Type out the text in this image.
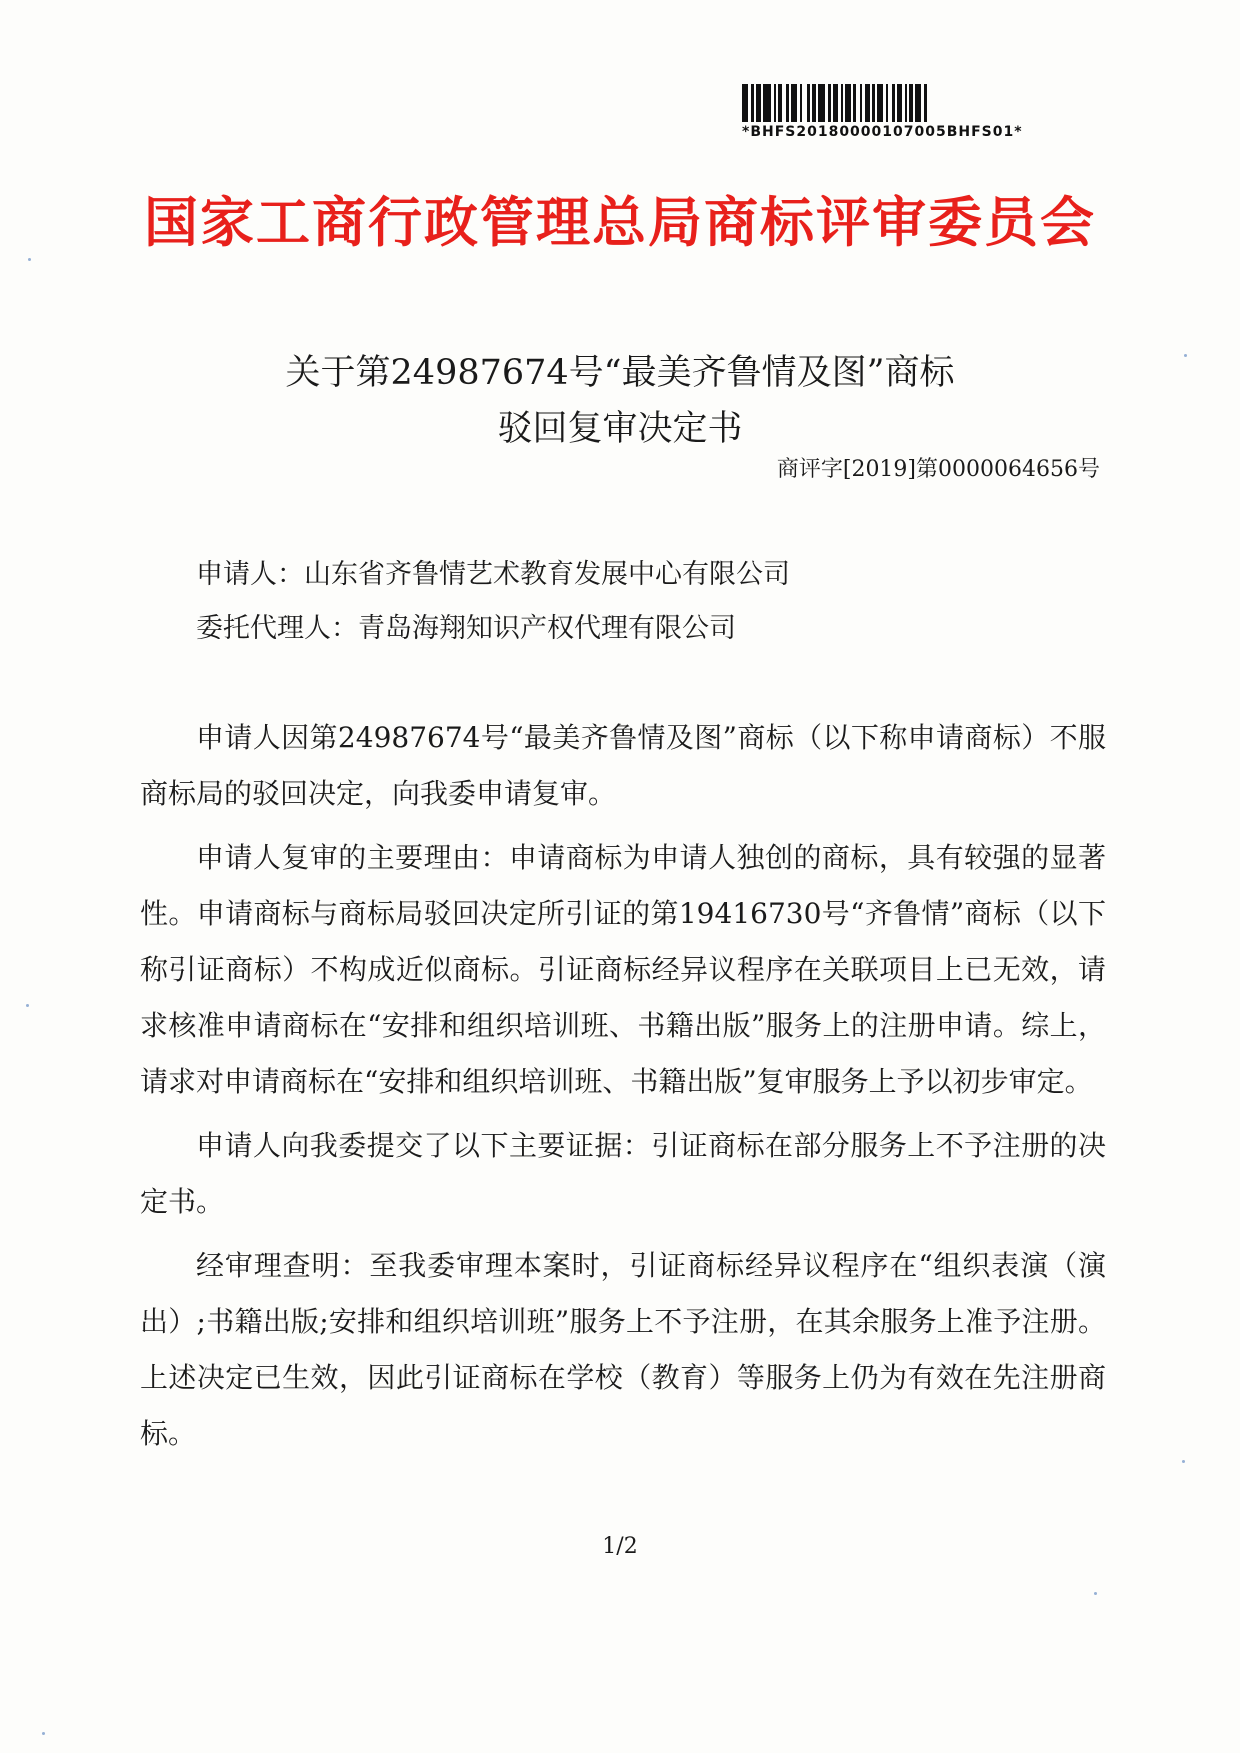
*BHFS20180000107005BHFS01*
国家工商行政管理总局商标评审委员会
关于第24987674号“最美齐鲁情及图”商标
驳回复审决定书
商评字[2019]第0000064656号
申请人：山东省齐鲁情艺术教育发展中心有限公司
委托代理人：青岛海翔知识产权代理有限公司

申请人因第24987674号“最美齐鲁情及图”商标（以下称申请商标）不服商标局的驳回决定，向我委申请复审。

申请人复审的主要理由：申请商标为申请人独创的商标，具有较强的显著性。申请商标与商标局驳回决定所引证的第19416730号“齐鲁情”商标（以下称引证商标）不构成近似商标。引证商标经异议程序在关联项目上已无效，请求核准申请商标在“安排和组织培训班、书籍出版”服务上的注册申请。综上，请求对申请商标在“安排和组织培训班、书籍出版”复审服务上予以初步审定。

申请人向我委提交了以下主要证据：引证商标在部分服务上不予注册的决定书。

经审理查明：至我委审理本案时，引证商标经异议程序在“组织表演（演出）;书籍出版;安排和组织培训班”服务上不予注册，在其余服务上准予注册。上述决定已生效，因此引证商标在学校（教育）等服务上仍为有效在先注册商标。

1/2
